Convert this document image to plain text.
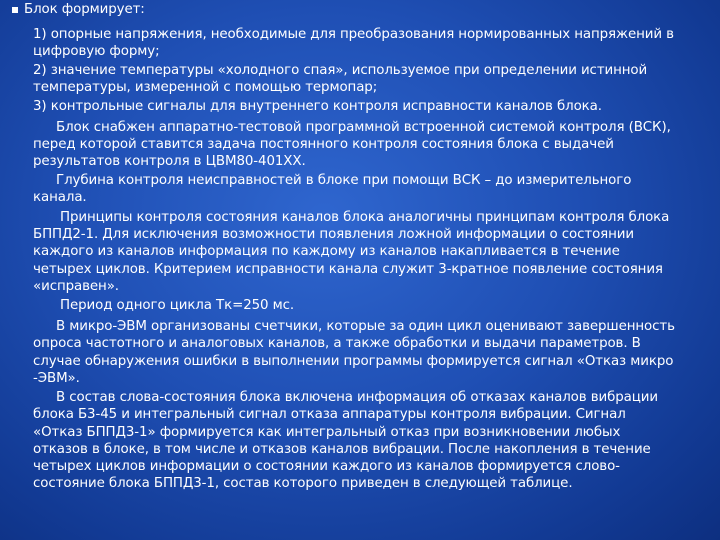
Блок формирует:
1) опорные напряжения, необходимые для преобразования нормированных напряжений в
цифровую форму;
2) значение температуры «холодного спая», используемое при определении истинной
температуры, измеренной с помощью термопар;
3) контрольные сигналы для внутреннего контроля исправности каналов блока.
Блок снабжен аппаратно-тестовой программной встроенной системой контроля (ВСК),
перед которой ставится задача постоянного контроля состояния блока с выдачей
результатов контроля в ЦВМ80-401ХХ.
Глубина контроля неисправностей в блоке при помощи ВСК – до измерительного
канала.
Принципы контроля состояния каналов блока аналогичны принципам контроля блока
БППД2-1. Для исключения возможности появления ложной информации о состоянии
каждого из каналов информация по каждому из каналов накапливается в течение
четырех циклов. Критерием исправности канала служит 3-кратное появление состояния
«исправен».
Период одного цикла Тк=250 мс.
В микро-ЭВМ организованы счетчики, которые за один цикл оценивают завершенность
опроса частотного и аналоговых каналов, а также обработки и выдачи параметров. В
случае обнаружения ошибки в выполнении программы формируется сигнал «Отказ микро
-ЭВМ».
В состав слова-состояния блока включена информация об отказах каналов вибрации
блока Б3-45 и интегральный сигнал отказа аппаратуры контроля вибрации. Сигнал
«Отказ БППД3-1» формируется как интегральный отказ при возникновении любых
отказов в блоке, в том числе и отказов каналов вибрации. После накопления в течение
четырех циклов информации о состоянии каждого из каналов формируется слово-
состояние блока БППД3-1, состав которого приведен в следующей таблице.
